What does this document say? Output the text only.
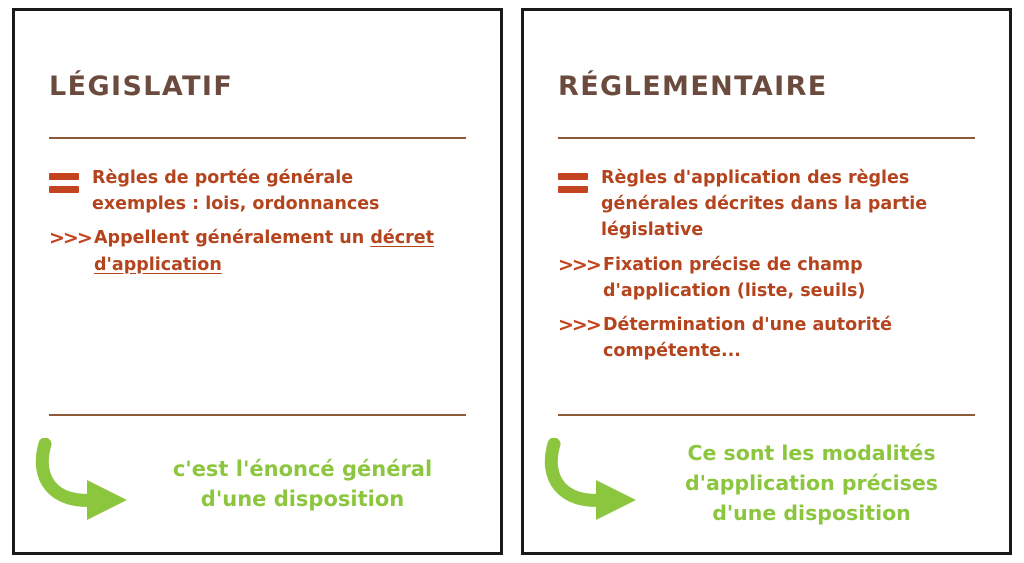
LÉGISLATIF
Règles de portée générale
exemples : lois, ordonnances
>>> Appellent généralement un décret
d'application
c'est l'énoncé général d'une disposition
RÉGLEMENTAIRE
Règles d'application des règles
générales décrites dans la partie
législative
>>> Fixation précise de champ
d'application (liste, seuils)
>>> Détermination d'une autorité
compétente...
Ce sont les modalités d'application précises d'une disposition
